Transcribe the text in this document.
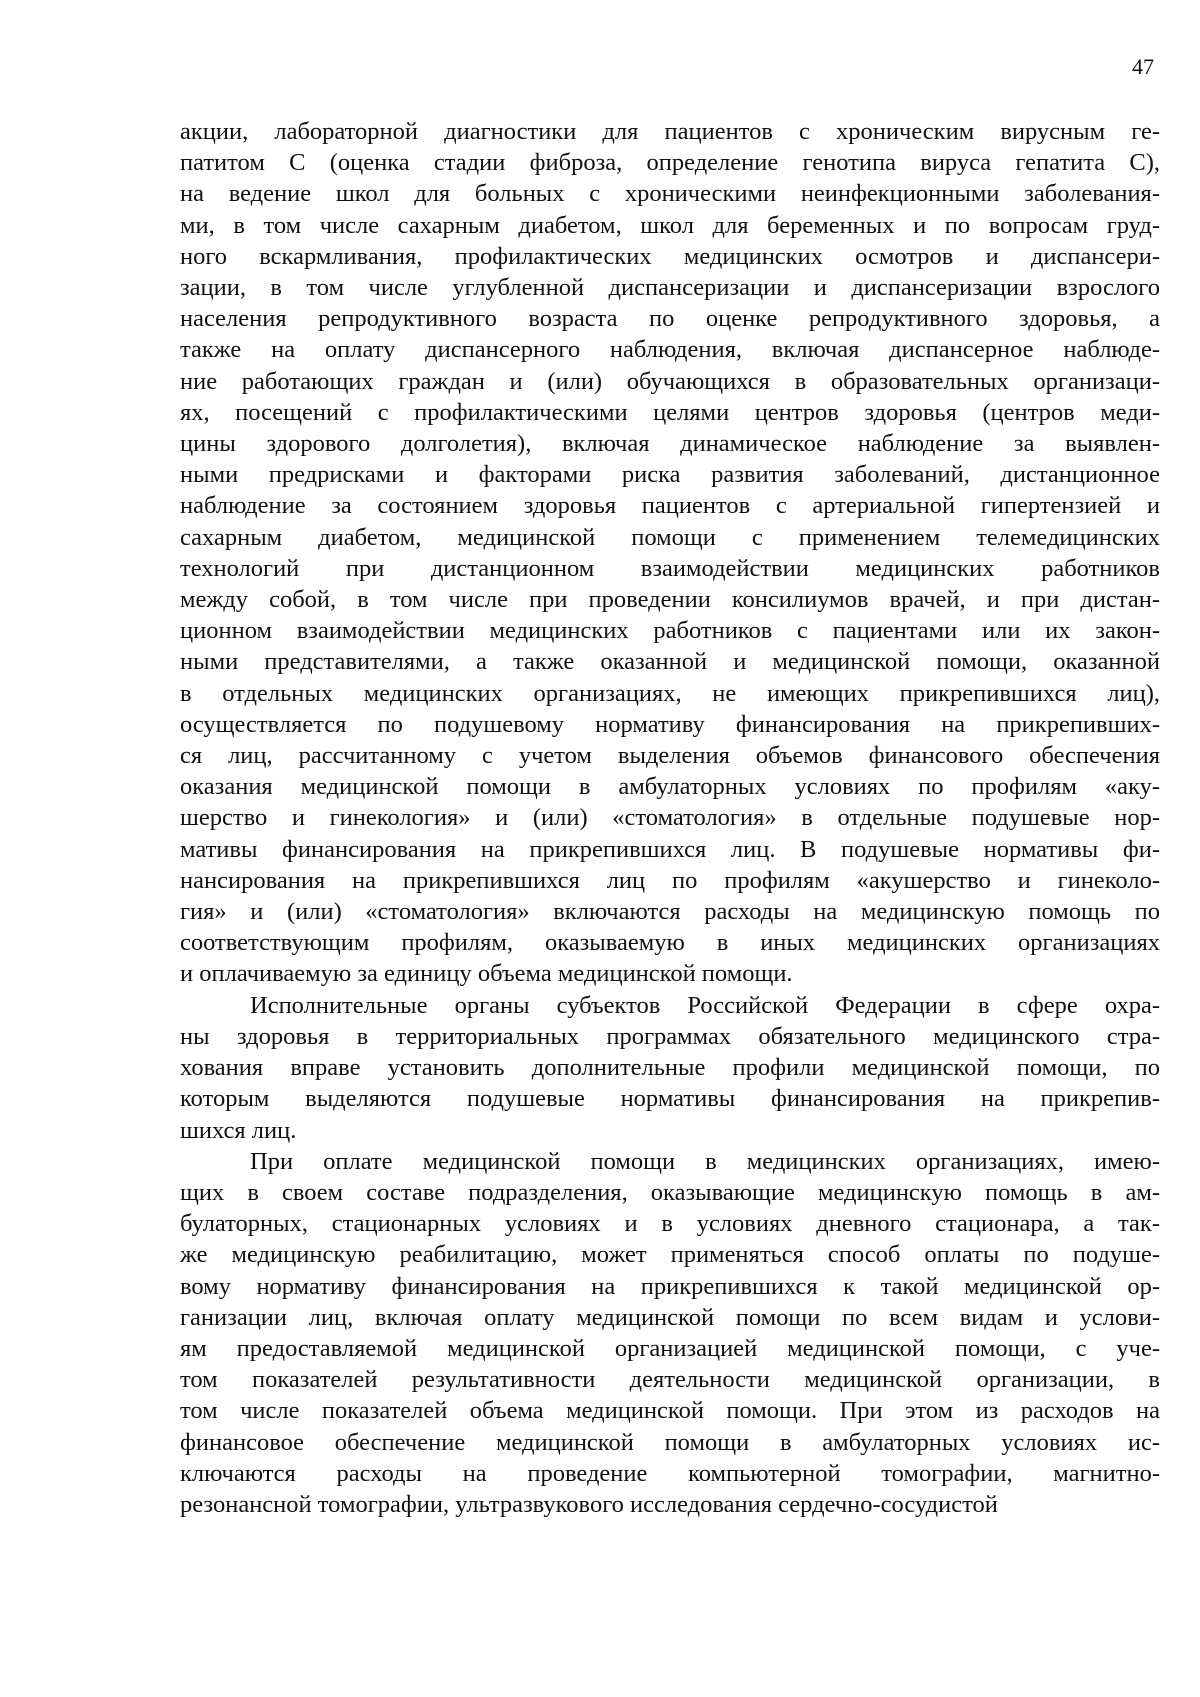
47
акции, лабораторной диагностики для пациентов с хроническим вирусным ге-
патитом С (оценка стадии фиброза, определение генотипа вируса гепатита С),
на ведение школ для больных с хроническими неинфекционными заболевания-
ми, в том числе сахарным диабетом, школ для беременных и по вопросам груд-
ного вскармливания, профилактических медицинских осмотров и диспансери-
зации, в том числе углубленной диспансеризации и диспансеризации взрослого
населения репродуктивного возраста по оценке репродуктивного здоровья, а
также на оплату диспансерного наблюдения, включая диспансерное наблюде-
ние работающих граждан и (или) обучающихся в образовательных организаци-
ях, посещений с профилактическими целями центров здоровья (центров меди-
цины здорового долголетия), включая динамическое наблюдение за выявлен-
ными предрисками и факторами риска развития заболеваний, дистанционное
наблюдение за состоянием здоровья пациентов с артериальной гипертензией и
сахарным диабетом, медицинской помощи с применением телемедицинских
технологий при дистанционном взаимодействии медицинских работников
между собой, в том числе при проведении консилиумов врачей, и при дистан-
ционном взаимодействии медицинских работников с пациентами или их закон-
ными представителями, а также оказанной и медицинской помощи, оказанной
в отдельных медицинских организациях, не имеющих прикрепившихся лиц),
осуществляется по подушевому нормативу финансирования на прикрепивших-
ся лиц, рассчитанному с учетом выделения объемов финансового обеспечения
оказания медицинской помощи в амбулаторных условиях по профилям «аку-
шерство и гинекология» и (или) «стоматология» в отдельные подушевые нор-
мативы финансирования на прикрепившихся лиц. В подушевые нормативы фи-
нансирования на прикрепившихся лиц по профилям «акушерство и гинеколо-
гия» и (или) «стоматология» включаются расходы на медицинскую помощь по
соответствующим профилям, оказываемую в иных медицинских организациях
и оплачиваемую за единицу объема медицинской помощи.
Исполнительные органы субъектов Российской Федерации в сфере охра-
ны здоровья в территориальных программах обязательного медицинского стра-
хования вправе установить дополнительные профили медицинской помощи, по
которым выделяются подушевые нормативы финансирования на прикрепив-
шихся лиц.
При оплате медицинской помощи в медицинских организациях, имею-
щих в своем составе подразделения, оказывающие медицинскую помощь в ам-
булаторных, стационарных условиях и в условиях дневного стационара, а так-
же медицинскую реабилитацию, может применяться способ оплаты по подуше-
вому нормативу финансирования на прикрепившихся к такой медицинской ор-
ганизации лиц, включая оплату медицинской помощи по всем видам и услови-
ям предоставляемой медицинской организацией медицинской помощи, с уче-
том показателей результативности деятельности медицинской организации, в
том числе показателей объема медицинской помощи. При этом из расходов на
финансовое обеспечение медицинской помощи в амбулаторных условиях ис-
ключаются расходы на проведение компьютерной томографии, магнитно-
резонансной томографии, ультразвукового исследования сердечно-сосудистой
